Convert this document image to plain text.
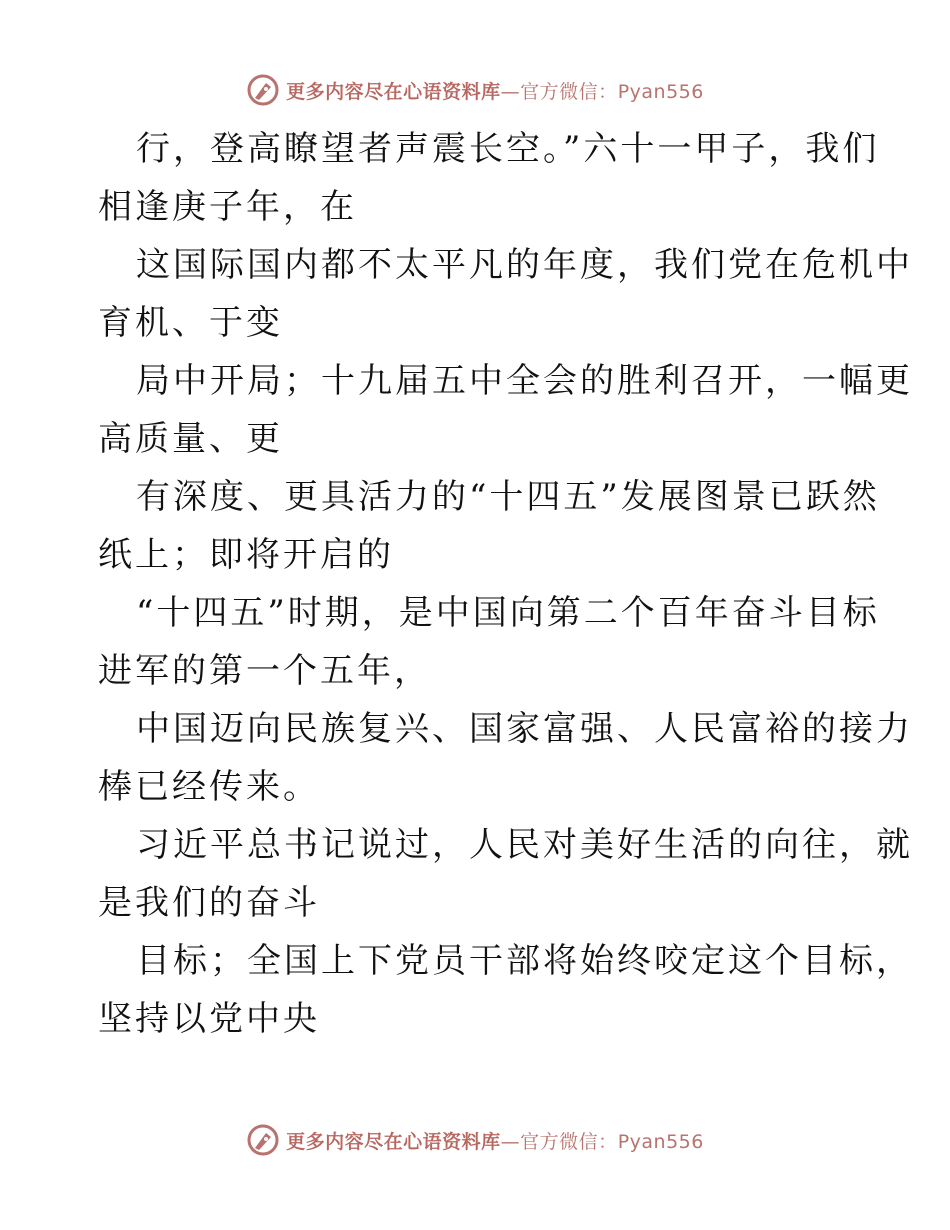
更多内容尽在心语资料库—官方微信：Pyan556
行，登高瞭望者声震长空。”六十一甲子，我们
相逢庚子年，在
这国际国内都不太平凡的年度，我们党在危机中
育机、于变
局中开局；十九届五中全会的胜利召开，一幅更
高质量、更
有深度、更具活力的“十四五”发展图景已跃然
纸上；即将开启的
“十四五”时期，是中国向第二个百年奋斗目标
进军的第一个五年，
中国迈向民族复兴、国家富强、人民富裕的接力
棒已经传来。
习近平总书记说过，人民对美好生活的向往，就
是我们的奋斗
目标；全国上下党员干部将始终咬定这个目标，
坚持以党中央
更多内容尽在心语资料库—官方微信：Pyan556
